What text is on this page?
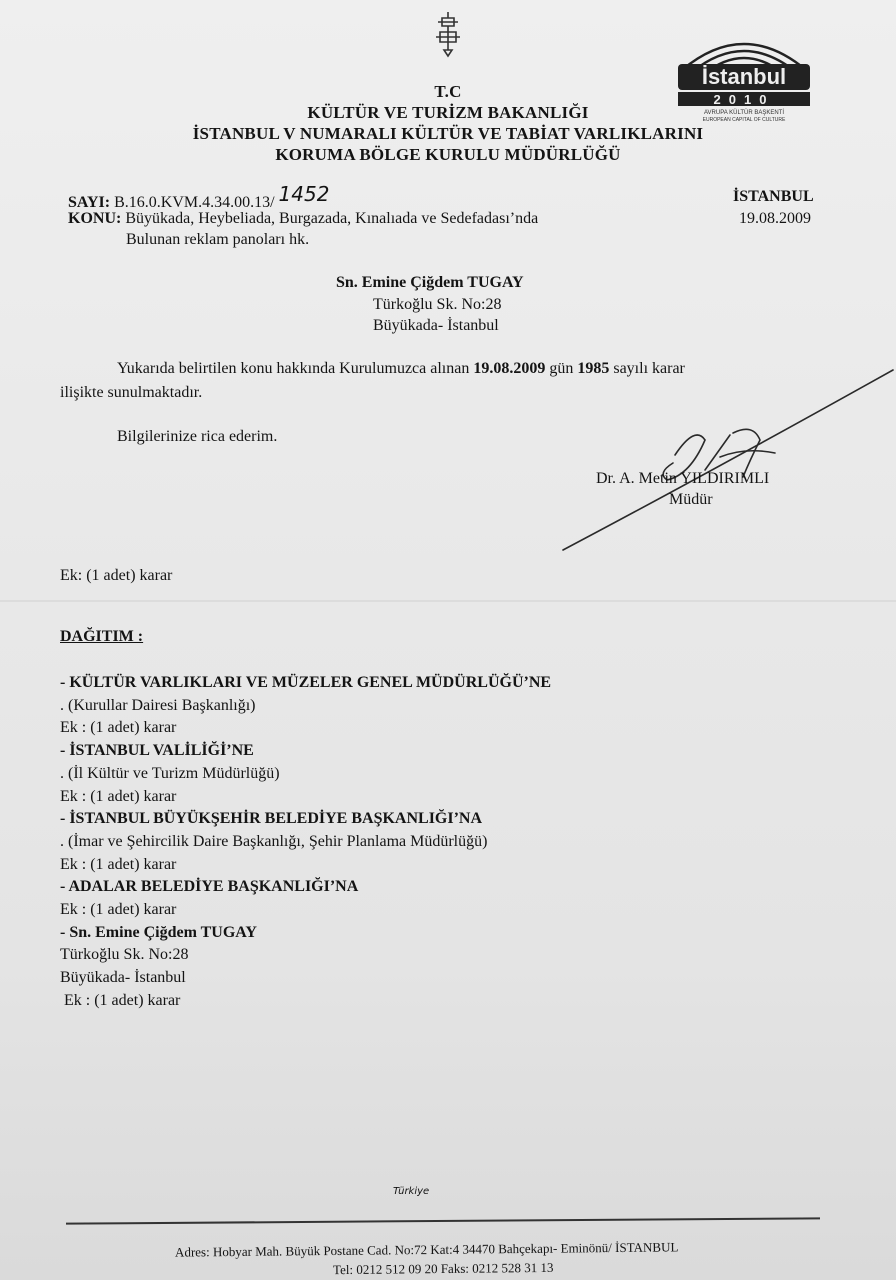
İstanbul
2010
AVRUPA KÜLTÜR BAŞKENTİ
EUROPEAN CAPITAL OF CULTURE
T.C
KÜLTÜR VE TURİZM BAKANLIĞI
İSTANBUL V NUMARALI KÜLTÜR VE TABİAT VARLIKLARINI
KORUMA BÖLGE KURULU MÜDÜRLÜĞÜ
SAYI: B.16.0.KVM.4.34.00.13/ 1452	İSTANBUL
KONU: Büyükada, Heybeliada, Burgazada, Kınalıada ve Sedefadası’nda	19.08.2009
Bulunan reklam panoları hk.
Sn. Emine Çiğdem TUGAY
Türkoğlu Sk. No:28
Büyükada- İstanbul
Yukarıda belirtilen konu hakkında Kurulumuzca alınan 19.08.2009 gün 1985 sayılı karar
ilişikte sunulmaktadır.
Bilgilerinize rica ederim.
Dr. A. Metin YILDIRIMLI
Müdür
Ek: (1 adet) karar
DAĞITIM :
- KÜLTÜR VARLIKLARI VE MÜZELER GENEL MÜDÜRLÜĞÜ’NE
. (Kurullar Dairesi Başkanlığı)
Ek : (1 adet) karar
- İSTANBUL VALİLİĞİ’NE
. (İl Kültür ve Turizm Müdürlüğü)
Ek : (1 adet) karar
- İSTANBUL BÜYÜKŞEHİR BELEDİYE BAŞKANLIĞI’NA
. (İmar ve Şehircilik Daire Başkanlığı, Şehir Planlama Müdürlüğü)
Ek : (1 adet) karar
- ADALAR BELEDİYE BAŞKANLIĞI’NA
Ek : (1 adet) karar
- Sn. Emine Çiğdem TUGAY
Türkoğlu Sk. No:28
Büyükada- İstanbul
Ek : (1 adet) karar
Türkiye
Adres: Hobyar Mah. Büyük Postane Cad. No:72 Kat:4 34470 Bahçekapı- Eminönü/ İSTANBUL
Tel: 0212 512 09 20 Faks: 0212 528 31 13
